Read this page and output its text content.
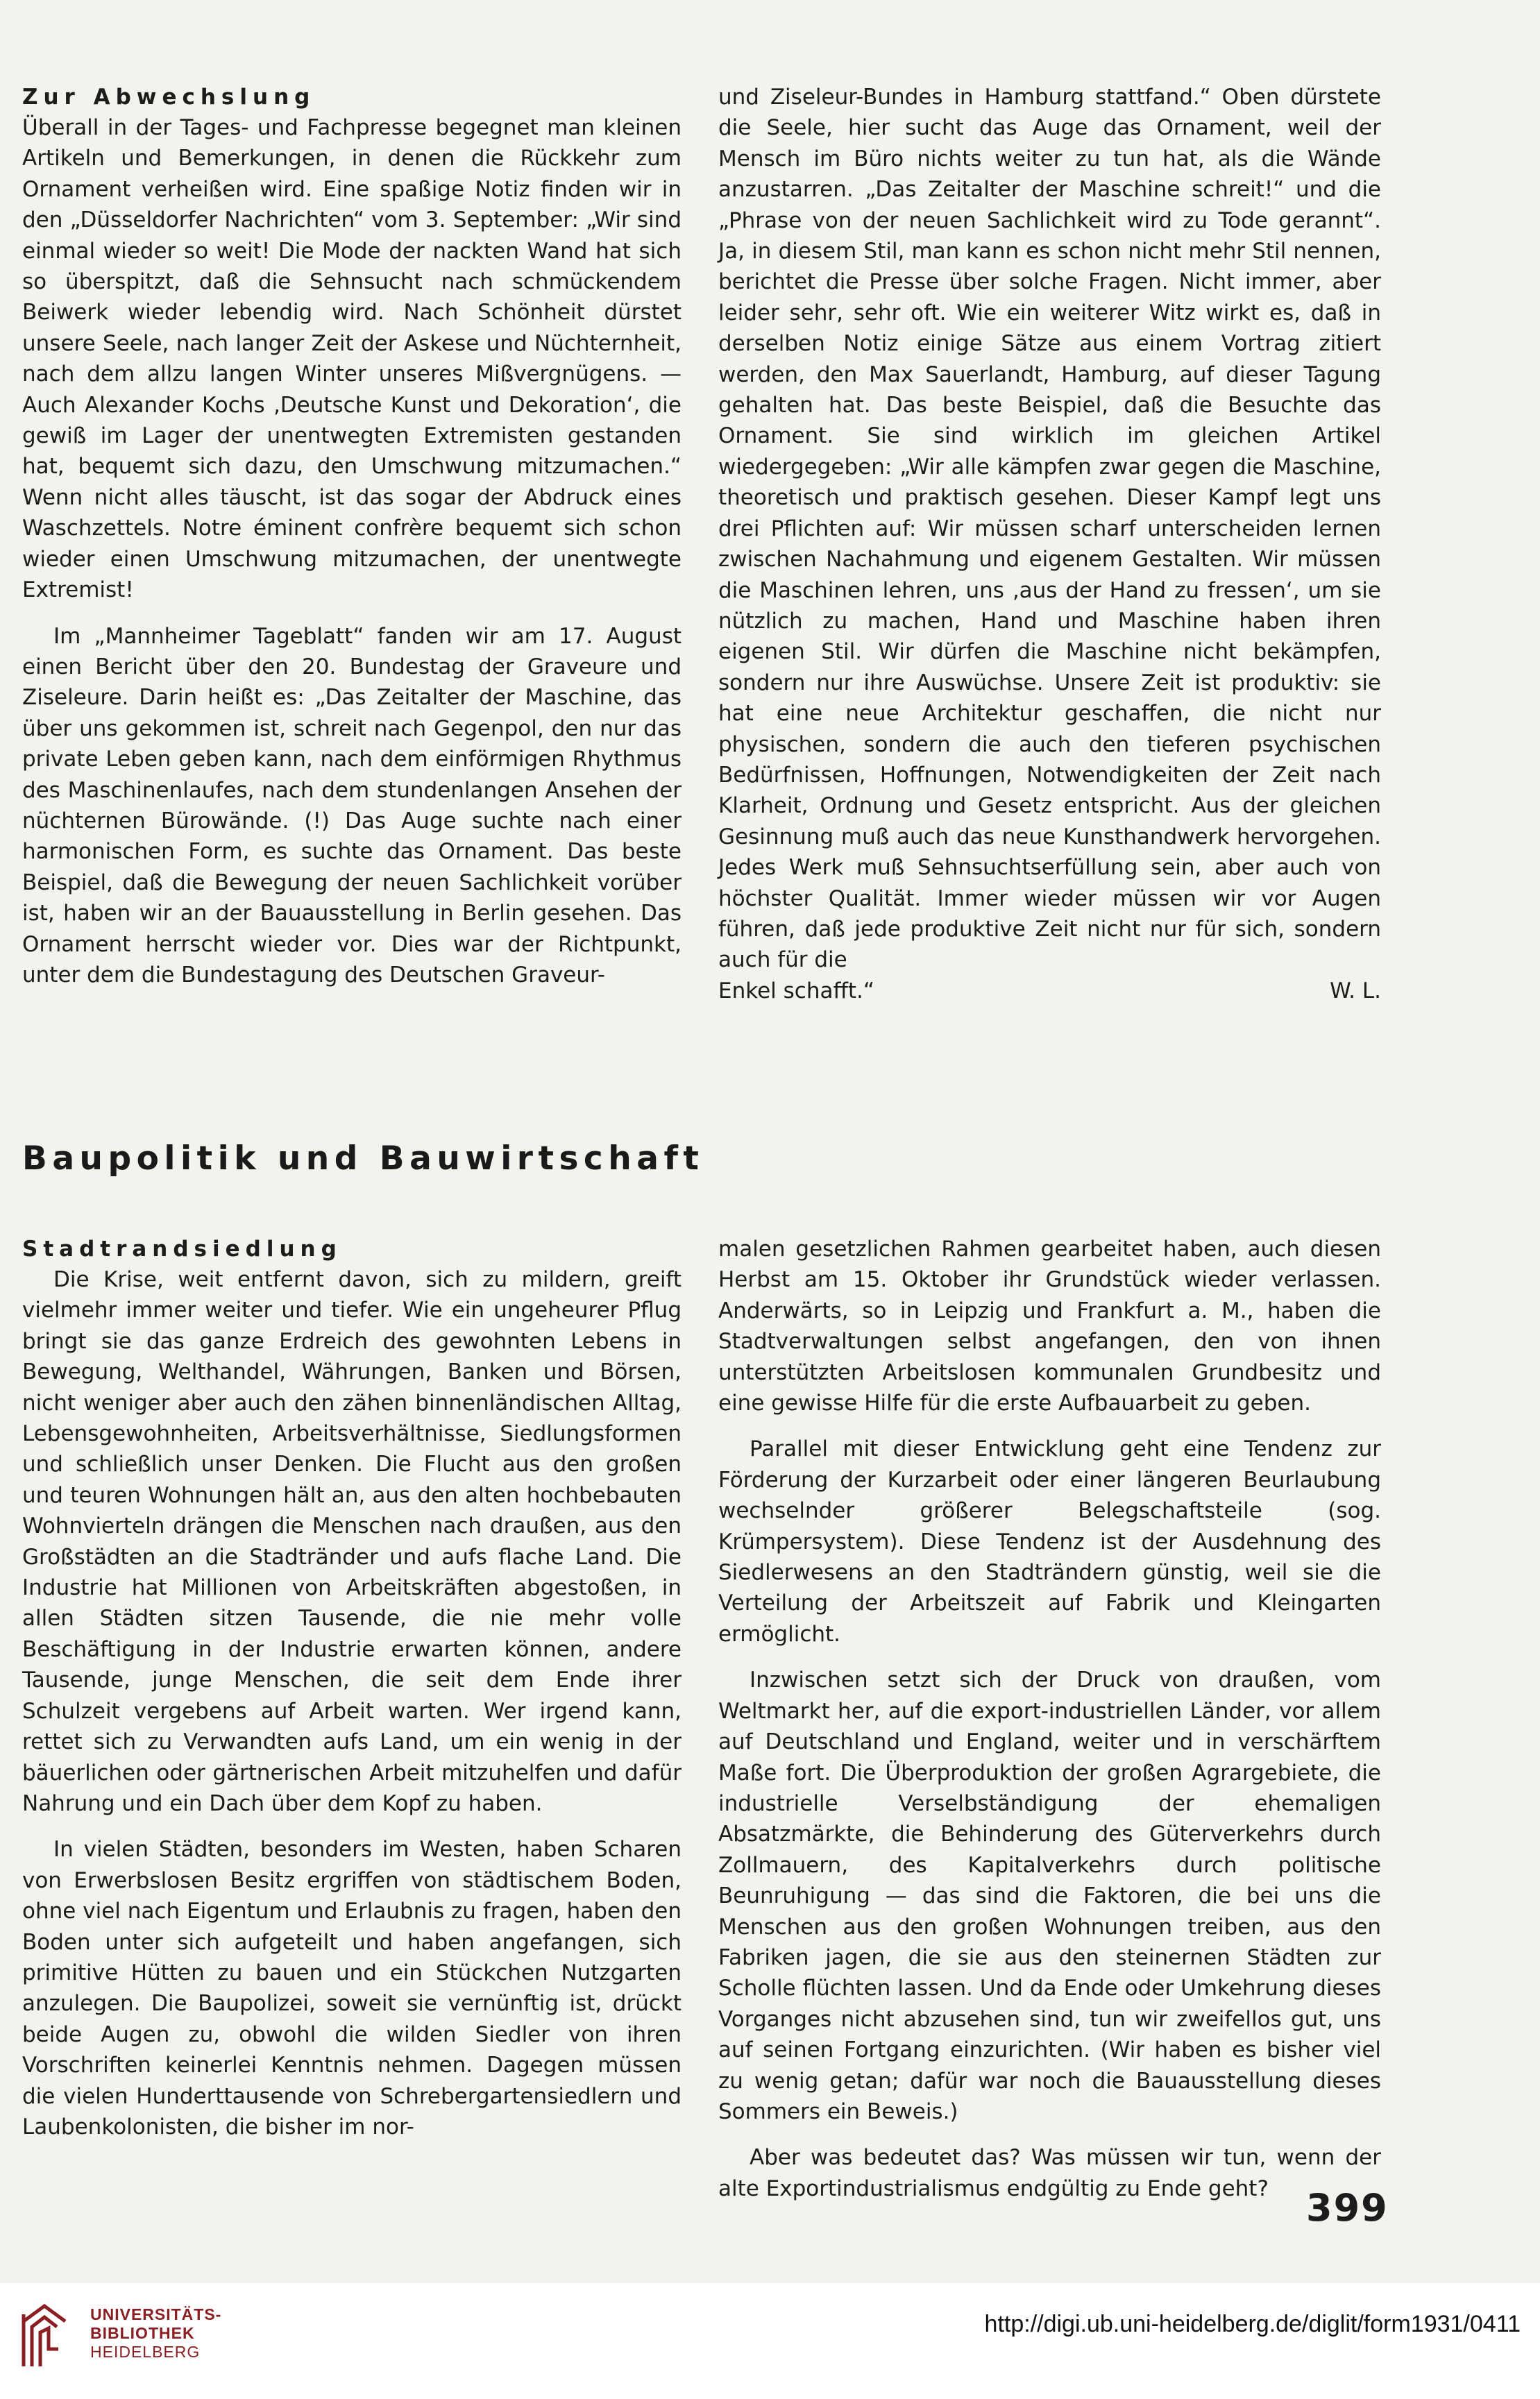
Zur Abwechslung

Überall in der Tages- und Fachpresse begegnet man kleinen Artikeln und Bemerkungen, in denen die Rückkehr zum Ornament verheißen wird. Eine spaßige Notiz finden wir in den „Düsseldorfer Nachrichten“ vom 3. September: „Wir sind einmal wieder so weit! Die Mode der nackten Wand hat sich so überspitzt, daß die Sehnsucht nach schmückendem Beiwerk wieder lebendig wird. Nach Schönheit dürstet unsere Seele, nach langer Zeit der Askese und Nüchternheit, nach dem allzu langen Winter unseres Mißvergnügens. — Auch Alexander Kochs ‚Deutsche Kunst und Dekoration‘, die gewiß im Lager der unentwegten Extremisten gestanden hat, bequemt sich dazu, den Umschwung mitzumachen.“ Wenn nicht alles täuscht, ist das sogar der Abdruck eines Waschzettels. Notre éminent confrère bequemt sich schon wieder einen Umschwung mitzumachen, der unentwegte Extremist!

Im „Mannheimer Tageblatt“ fanden wir am 17. August einen Bericht über den 20. Bundestag der Graveure und Ziseleure. Darin heißt es: „Das Zeitalter der Maschine, das über uns gekommen ist, schreit nach Gegenpol, den nur das private Leben geben kann, nach dem einförmigen Rhythmus des Maschinenlaufes, nach dem stundenlangen Ansehen der nüchternen Bürowände. (!) Das Auge suchte nach einer harmonischen Form, es suchte das Ornament. Das beste Beispiel, daß die Bewegung der neuen Sachlichkeit vorüber ist, haben wir an der Bauausstellung in Berlin gesehen. Das Ornament herrscht wieder vor. Dies war der Richtpunkt, unter dem die Bundestagung des Deutschen Graveur-

und Ziseleur-Bundes in Hamburg stattfand.“ Oben dürstete die Seele, hier sucht das Auge das Ornament, weil der Mensch im Büro nichts weiter zu tun hat, als die Wände anzustarren. „Das Zeitalter der Maschine schreit!“ und die „Phrase von der neuen Sachlichkeit wird zu Tode gerannt“. Ja, in diesem Stil, man kann es schon nicht mehr Stil nennen, berichtet die Presse über solche Fragen. Nicht immer, aber leider sehr, sehr oft. Wie ein weiterer Witz wirkt es, daß in derselben Notiz einige Sätze aus einem Vortrag zitiert werden, den Max Sauerlandt, Hamburg, auf dieser Tagung gehalten hat. Das beste Beispiel, daß die Besuchte das Ornament. Sie sind wirklich im gleichen Artikel wiedergegeben: „Wir alle kämpfen zwar gegen die Maschine, theoretisch und praktisch gesehen. Dieser Kampf legt uns drei Pflichten auf: Wir müssen scharf unterscheiden lernen zwischen Nachahmung und eigenem Gestalten. Wir müssen die Maschinen lehren, uns ‚aus der Hand zu fressen‘, um sie nützlich zu machen, Hand und Maschine haben ihren eigenen Stil. Wir dürfen die Maschine nicht bekämpfen, sondern nur ihre Auswüchse. Unsere Zeit ist produktiv: sie hat eine neue Architektur geschaffen, die nicht nur physischen, sondern die auch den tieferen psychischen Bedürfnissen, Hoffnungen, Notwendigkeiten der Zeit nach Klarheit, Ordnung und Gesetz entspricht. Aus der gleichen Gesinnung muß auch das neue Kunsthandwerk hervorgehen. Jedes Werk muß Sehnsuchtserfüllung sein, aber auch von höchster Qualität. Immer wieder müssen wir vor Augen führen, daß jede produktive Zeit nicht nur für sich, sondern auch für die

Enkel schafft.“	W. L.
Baupolitik und Bauwirtschaft
Stadtrandsiedlung

Die Krise, weit entfernt davon, sich zu mildern, greift vielmehr immer weiter und tiefer. Wie ein ungeheurer Pflug bringt sie das ganze Erdreich des gewohnten Lebens in Bewegung, Welthandel, Währungen, Banken und Börsen, nicht weniger aber auch den zähen binnenländischen Alltag, Lebensgewohnheiten, Arbeitsverhältnisse, Siedlungsformen und schließlich unser Denken. Die Flucht aus den großen und teuren Wohnungen hält an, aus den alten hochbebauten Wohnvierteln drängen die Menschen nach draußen, aus den Großstädten an die Stadtränder und aufs flache Land. Die Industrie hat Millionen von Arbeitskräften abgestoßen, in allen Städten sitzen Tausende, die nie mehr volle Beschäftigung in der Industrie erwarten können, andere Tausende, junge Menschen, die seit dem Ende ihrer Schulzeit vergebens auf Arbeit warten. Wer irgend kann, rettet sich zu Verwandten aufs Land, um ein wenig in der bäuerlichen oder gärtnerischen Arbeit mitzuhelfen und dafür Nahrung und ein Dach über dem Kopf zu haben.

In vielen Städten, besonders im Westen, haben Scharen von Erwerbslosen Besitz ergriffen von städtischem Boden, ohne viel nach Eigentum und Erlaubnis zu fragen, haben den Boden unter sich aufgeteilt und haben angefangen, sich primitive Hütten zu bauen und ein Stückchen Nutzgarten anzulegen. Die Baupolizei, soweit sie vernünftig ist, drückt beide Augen zu, obwohl die wilden Siedler von ihren Vorschriften keinerlei Kenntnis nehmen. Dagegen müssen die vielen Hunderttausende von Schrebergartensiedlern und Laubenkolonisten, die bisher im nor-

malen gesetzlichen Rahmen gearbeitet haben, auch diesen Herbst am 15. Oktober ihr Grundstück wieder verlassen. Anderwärts, so in Leipzig und Frankfurt a. M., haben die Stadtverwaltungen selbst angefangen, den von ihnen unterstützten Arbeitslosen kommunalen Grundbesitz und eine gewisse Hilfe für die erste Aufbauarbeit zu geben.

Parallel mit dieser Entwicklung geht eine Tendenz zur Förderung der Kurzarbeit oder einer längeren Beurlaubung wechselnder größerer Belegschaftsteile (sog. Krümpersystem). Diese Tendenz ist der Ausdehnung des Siedlerwesens an den Stadträndern günstig, weil sie die Verteilung der Arbeitszeit auf Fabrik und Kleingarten ermöglicht.

Inzwischen setzt sich der Druck von draußen, vom Weltmarkt her, auf die export-industriellen Länder, vor allem auf Deutschland und England, weiter und in verschärftem Maße fort. Die Überproduktion der großen Agrargebiete, die industrielle Verselbständigung der ehemaligen Absatzmärkte, die Behinderung des Güterverkehrs durch Zollmauern, des Kapitalverkehrs durch politische Beunruhigung — das sind die Faktoren, die bei uns die Menschen aus den großen Wohnungen treiben, aus den Fabriken jagen, die sie aus den steinernen Städten zur Scholle flüchten lassen. Und da Ende oder Umkehrung dieses Vorganges nicht abzusehen sind, tun wir zweifellos gut, uns auf seinen Fortgang einzurichten. (Wir haben es bisher viel zu wenig getan; dafür war noch die Bauausstellung dieses Sommers ein Beweis.)

Aber was bedeutet das? Was müssen wir tun, wenn der alte Exportindustrialismus endgültig zu Ende geht?	399
UNIVERSITÄTS-
BIBLIOTHEK
HEIDELBERG
http://digi.ub.uni-heidelberg.de/diglit/form1931/0411
